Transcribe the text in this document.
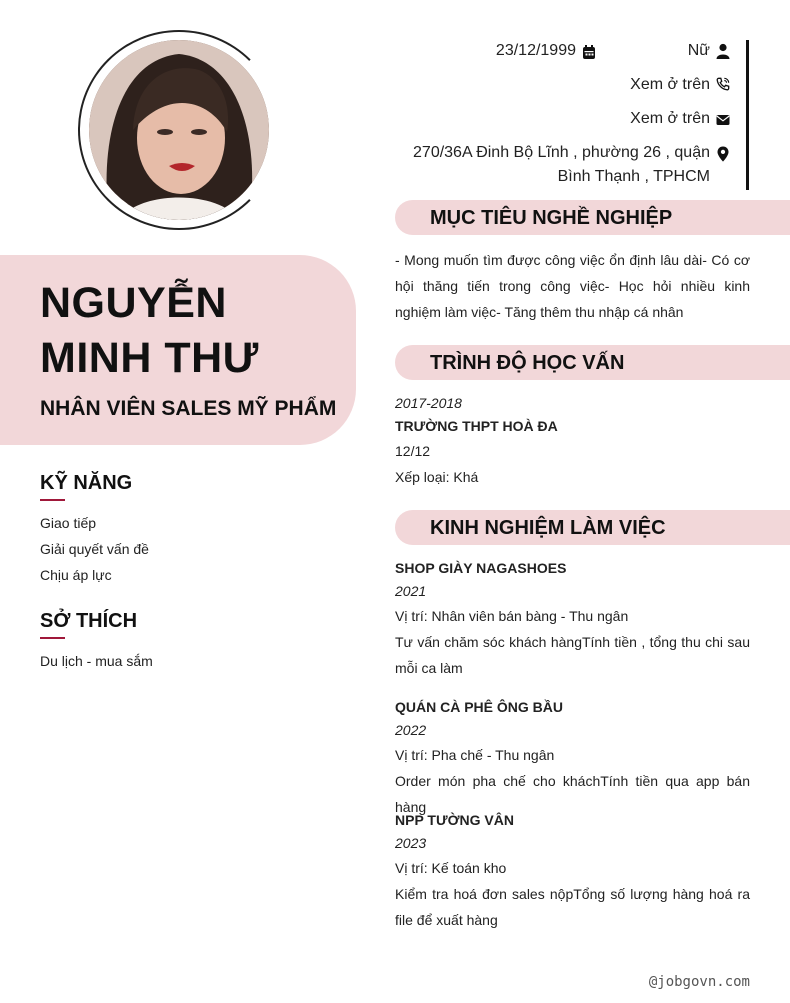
NGUYỄN
MINH THƯ
NHÂN VIÊN SALES MỸ PHẨM
KỸ NĂNG
Giao tiếp
Giải quyết vấn đề
Chịu áp lực
SỞ THÍCH
Du lịch - mua sắm
23/12/1999	Nữ
Xem ở trên
Xem ở trên
270/36A Đinh Bộ Lĩnh , phường 26 , quận
Bình Thạnh , TPHCM
MỤC TIÊU NGHỀ NGHIỆP
- Mong muốn tìm được công việc ổn định lâu dài- Có cơ hội thăng tiến trong công việc- Học hỏi nhiều kinh nghiệm làm việc- Tăng thêm thu nhập cá nhân
TRÌNH ĐỘ HỌC VẤN
2017-2018
TRƯỜNG THPT HOÀ ĐA
12/12
Xếp loại: Khá
KINH NGHIỆM LÀM VIỆC
SHOP GIÀY NAGASHOES
2021
Vị trí: Nhân viên bán bàng - Thu ngân
Tư vấn chăm sóc khách hàngTính tiền , tổng thu chi sau mỗi ca làm
QUÁN CÀ PHÊ ÔNG BẦU
2022
Vị trí: Pha chế - Thu ngân
Order món pha chế cho kháchTính tiền qua app bán hàng
NPP TƯỜNG VÂN
2023
Vị trí: Kế toán kho
Kiểm tra hoá đơn sales nộpTổng số lượng hàng hoá ra file để xuất hàng
@jobgovn.com
